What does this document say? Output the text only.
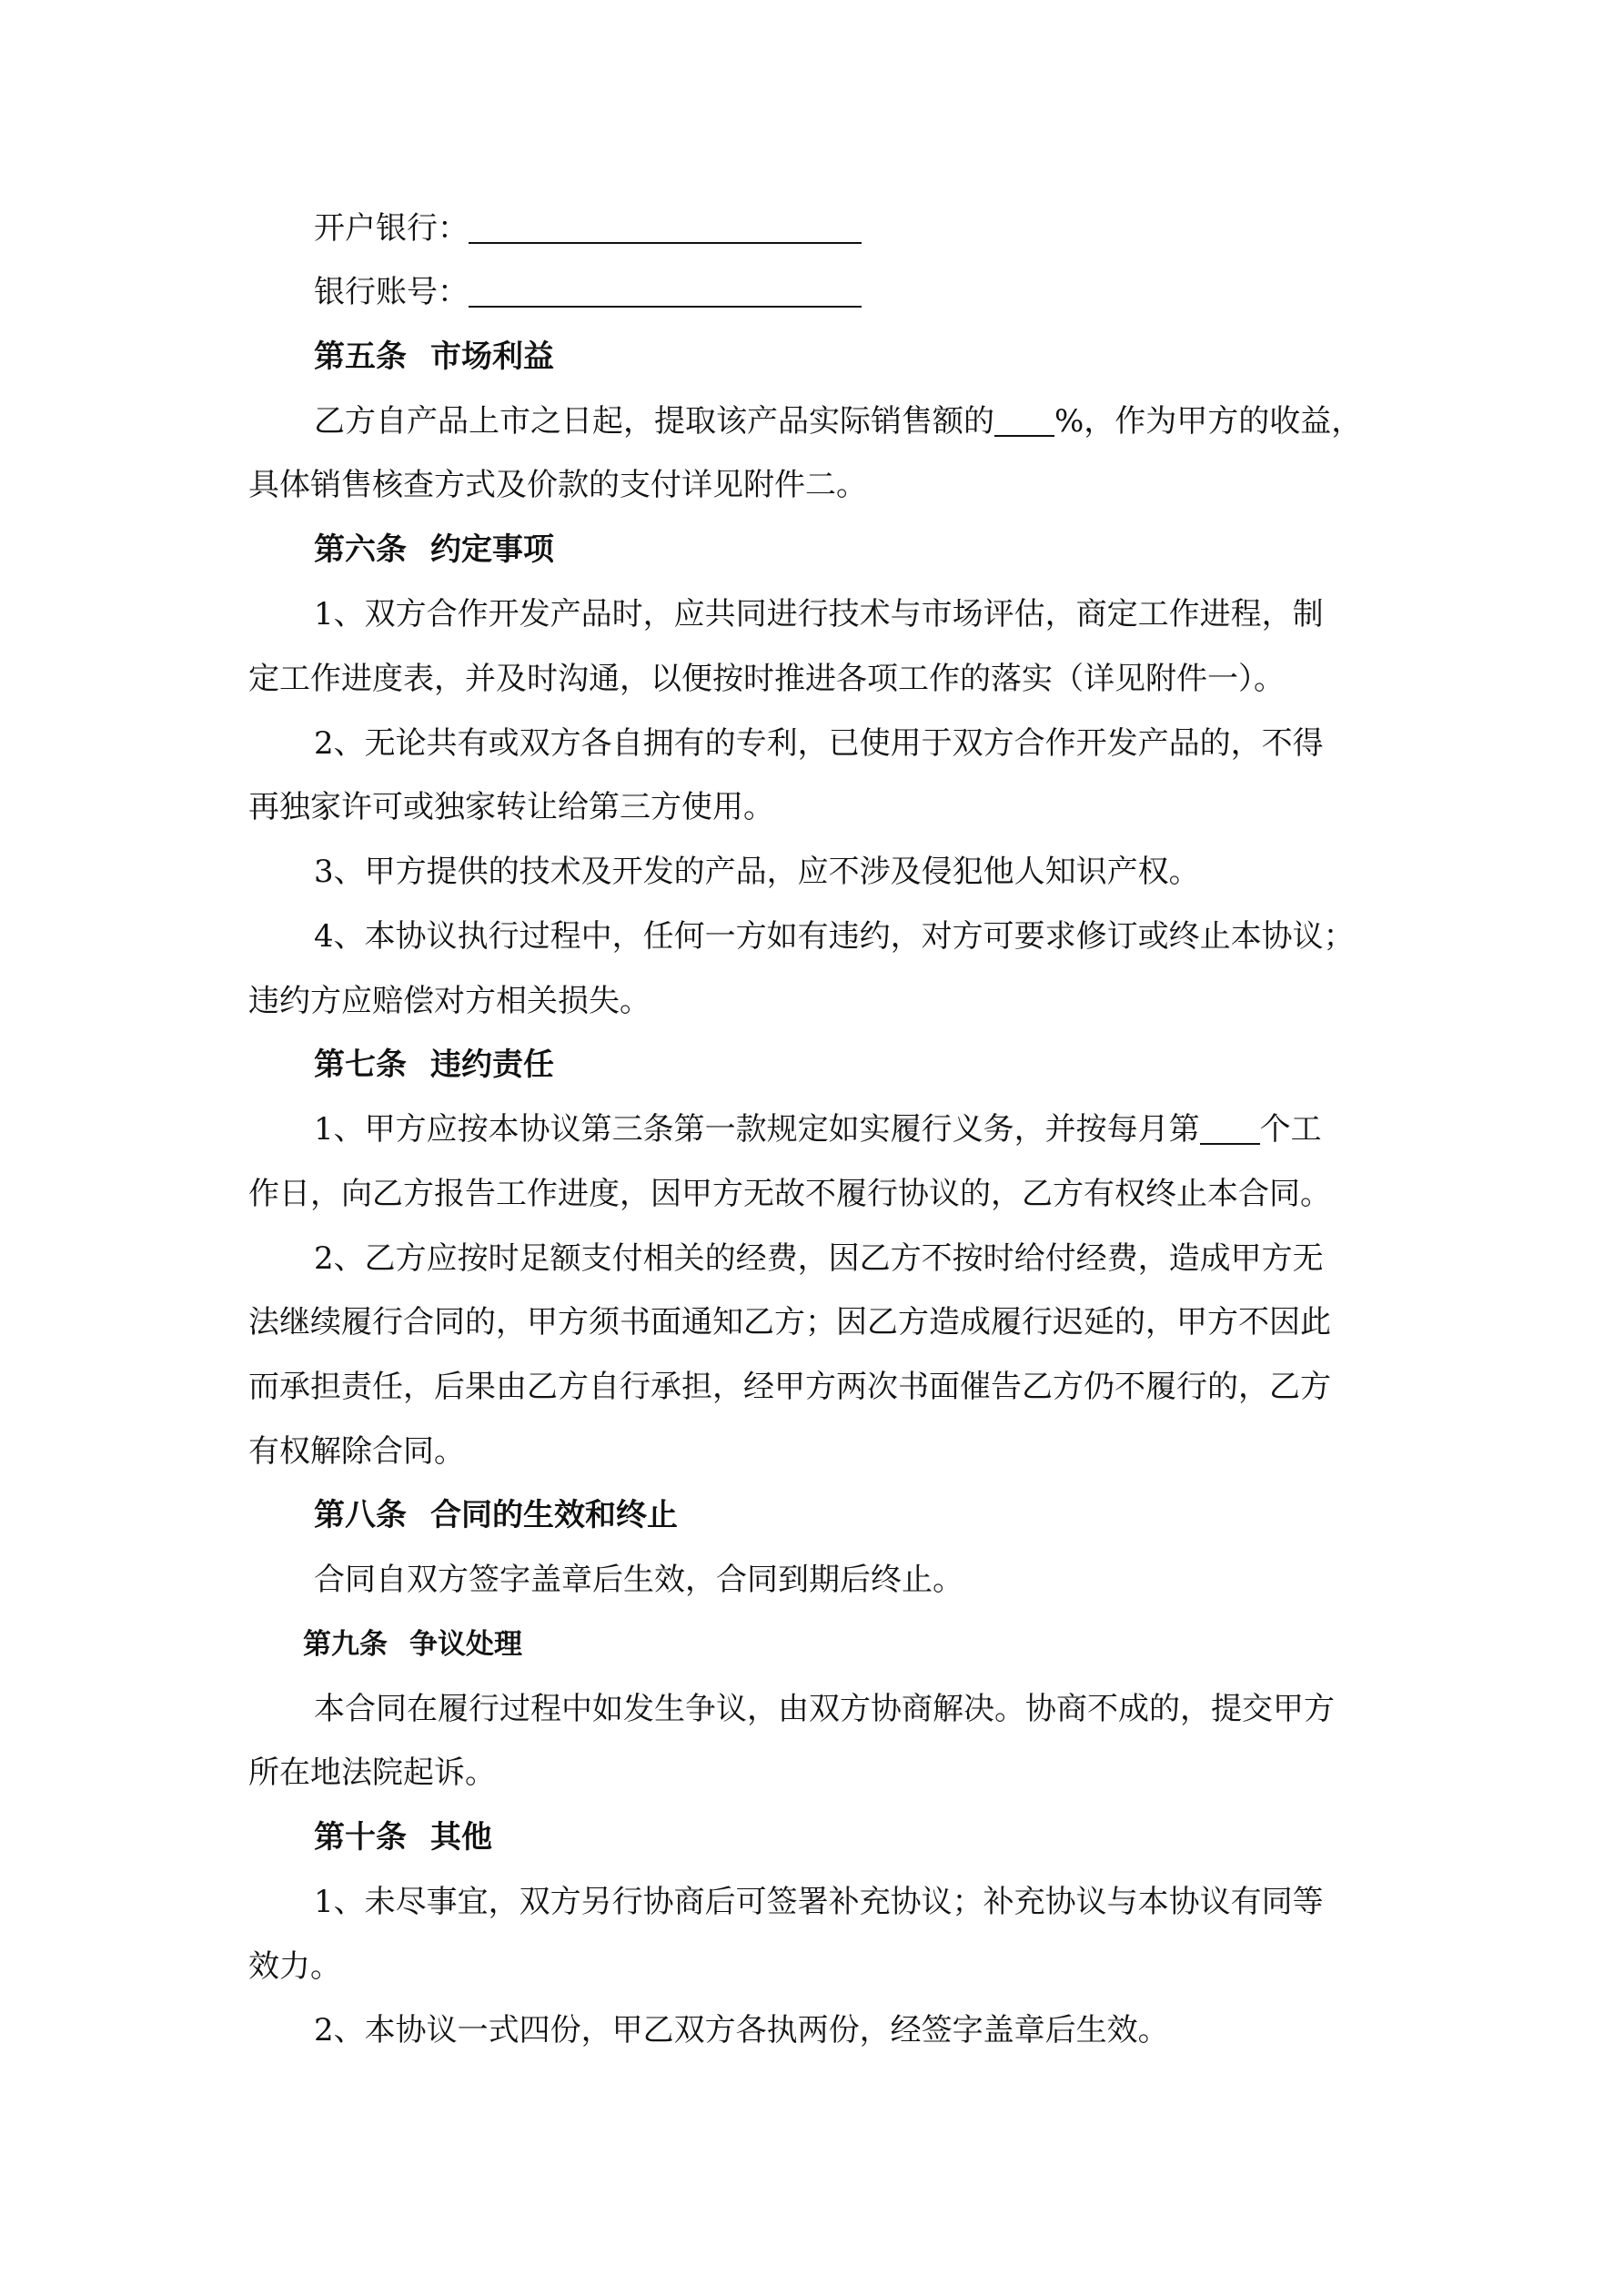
开户银行：
银行账号：
第五条 市场利益
乙方自产品上市之日起，提取该产品实际销售额的 %，作为甲方的收益，
具体销售核查方式及价款的支付详见附件二。
第六条 约定事项
1、双方合作开发产品时，应共同进行技术与市场评估，商定工作进程，制
定工作进度表，并及时沟通，以便按时推进各项工作的落实（详见附件一）。
2、无论共有或双方各自拥有的专利，已使用于双方合作开发产品的，不得
再独家许可或独家转让给第三方使用。
3、甲方提供的技术及开发的产品，应不涉及侵犯他人知识产权。
4、本协议执行过程中，任何一方如有违约，对方可要求修订或终止本协议；
违约方应赔偿对方相关损失。
第七条 违约责任
1、甲方应按本协议第三条第一款规定如实履行义务，并按每月第 个工
作日，向乙方报告工作进度，因甲方无故不履行协议的，乙方有权终止本合同。
2、乙方应按时足额支付相关的经费，因乙方不按时给付经费，造成甲方无
法继续履行合同的，甲方须书面通知乙方；因乙方造成履行迟延的，甲方不因此
而承担责任，后果由乙方自行承担，经甲方两次书面催告乙方仍不履行的，乙方
有权解除合同。
第八条 合同的生效和终止
合同自双方签字盖章后生效，合同到期后终止。
第九条 争议处理
本合同在履行过程中如发生争议，由双方协商解决。协商不成的，提交甲方
所在地法院起诉。
第十条 其他
1、未尽事宜，双方另行协商后可签署补充协议；补充协议与本协议有同等
效力。
2、本协议一式四份，甲乙双方各执两份，经签字盖章后生效。
